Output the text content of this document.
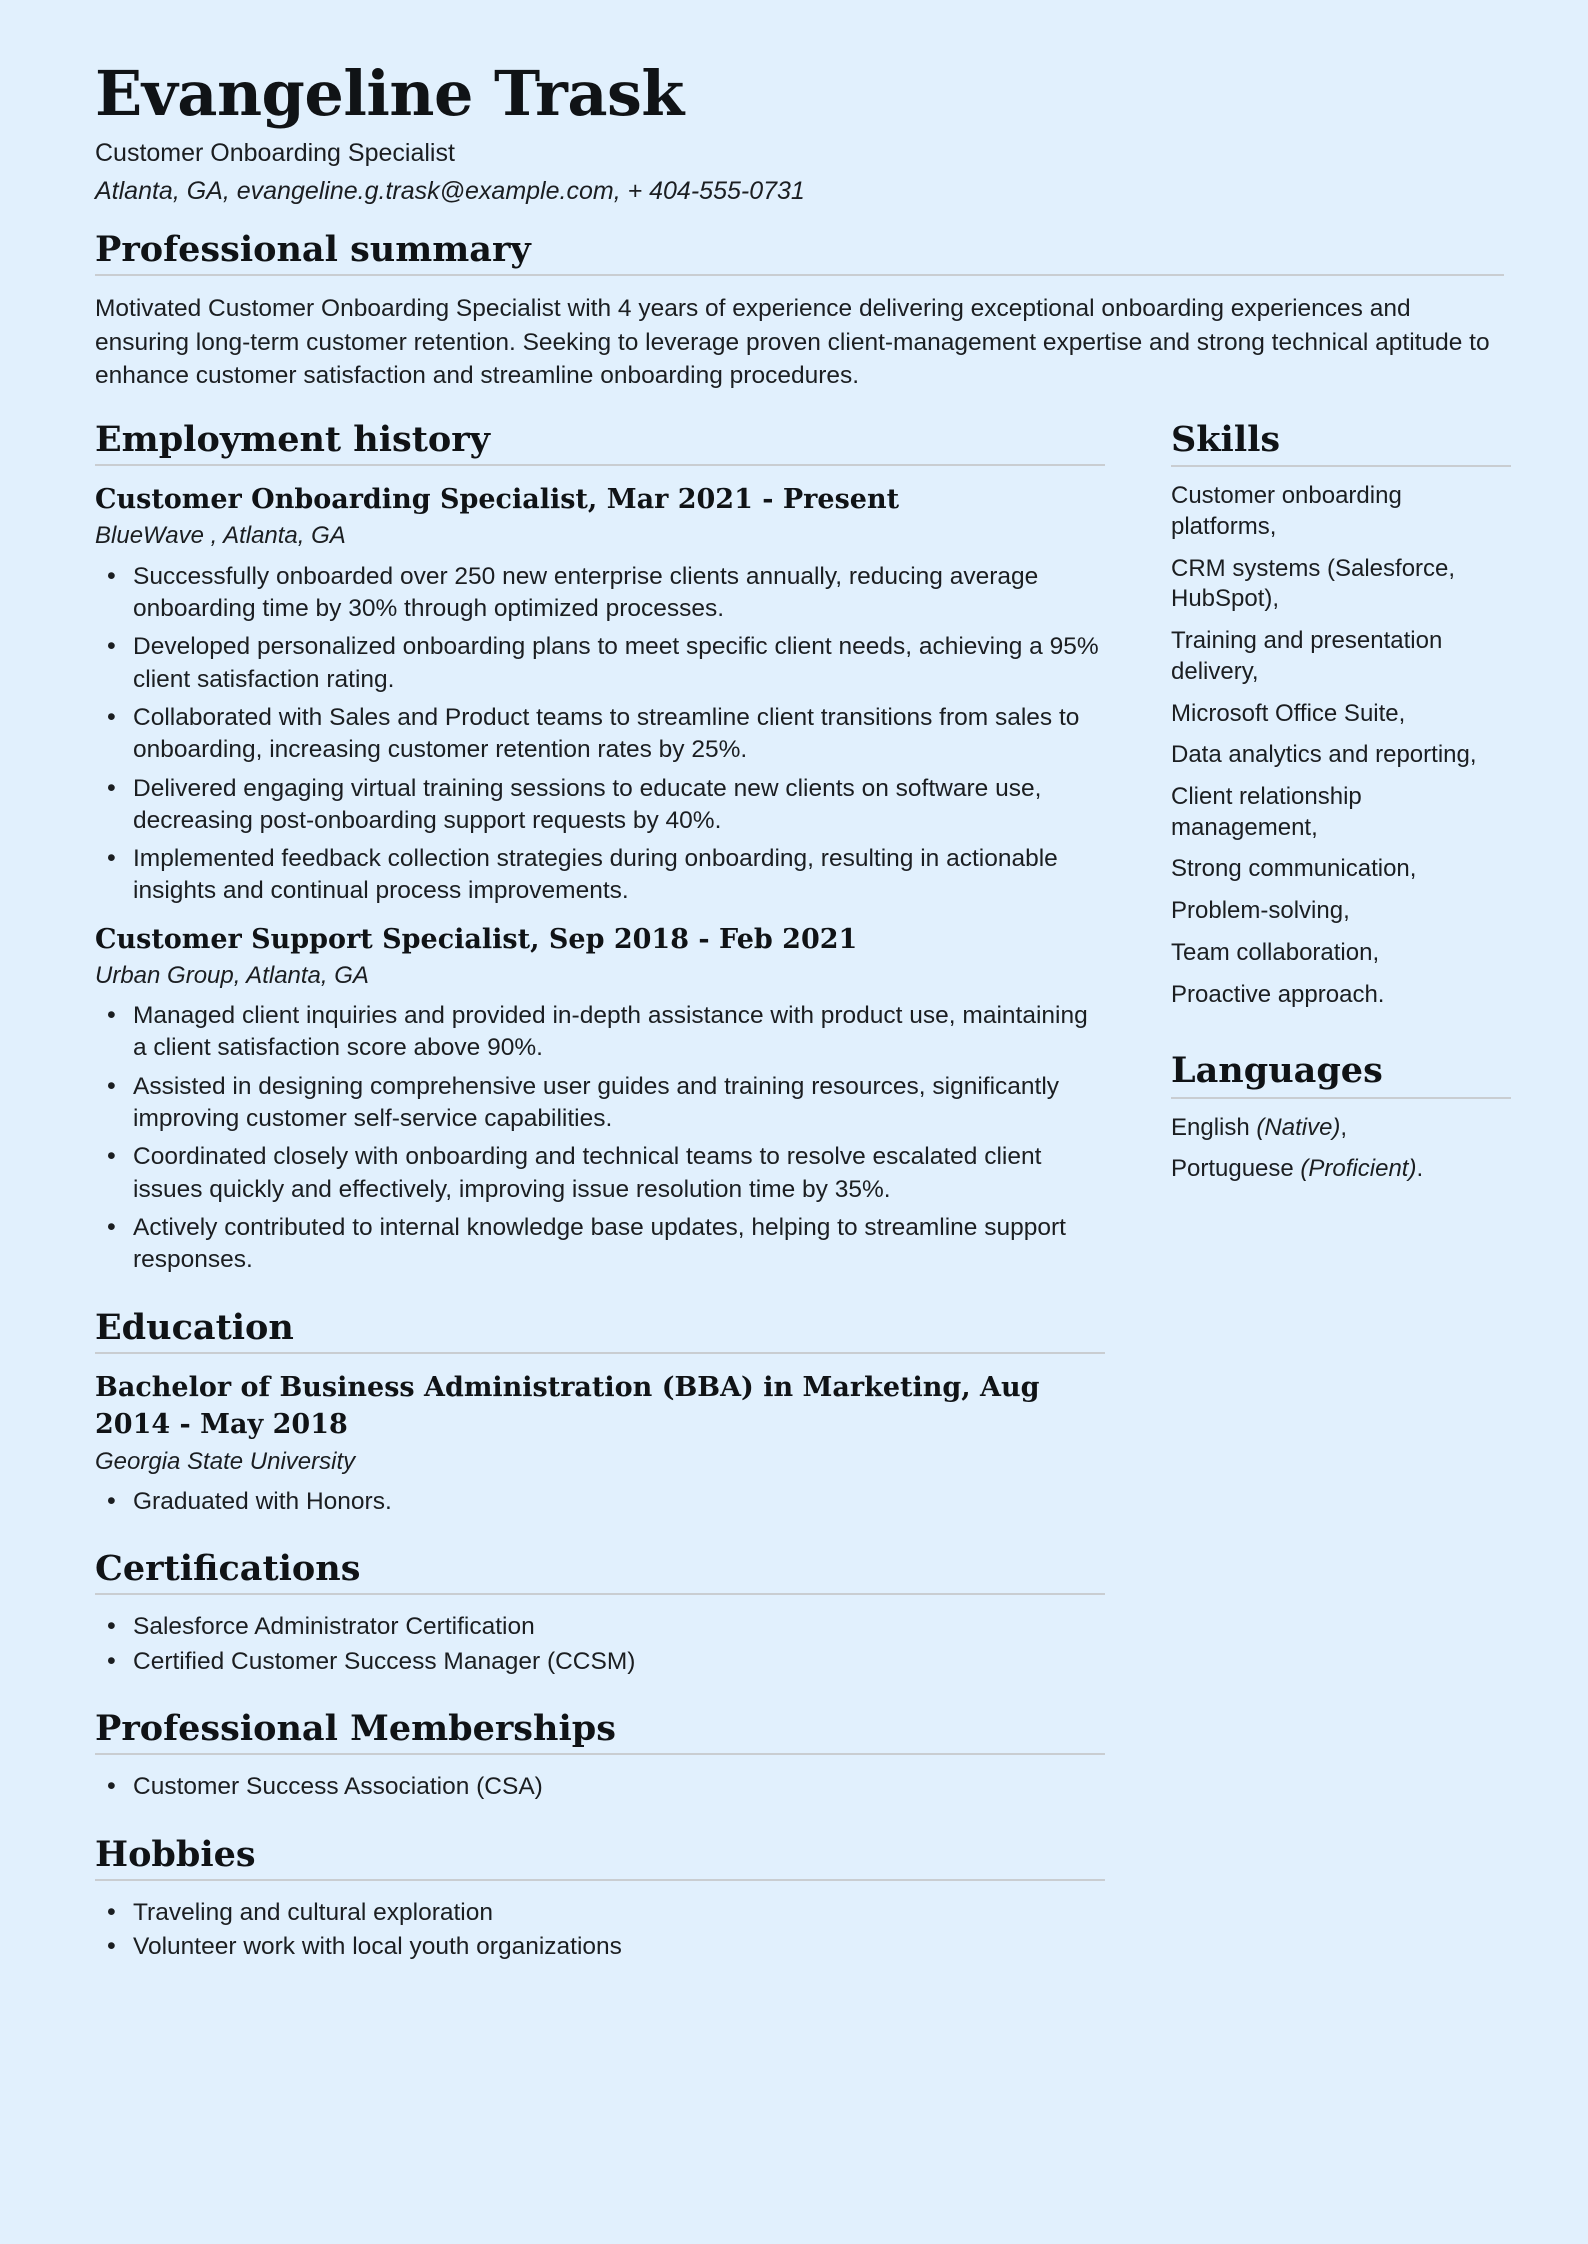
Evangeline Trask

Customer Onboarding Specialist

Atlanta, GA, evangeline.g.trask@example.com, + 404-555-0731

Professional summary

Motivated Customer Onboarding Specialist with 4 years of experience delivering exceptional onboarding experiences and ensuring long-term customer retention. Seeking to leverage proven client-management expertise and strong technical aptitude to enhance customer satisfaction and streamline onboarding procedures.

Employment history
Customer Onboarding Specialist, Mar 2021 - Present

BlueWave , Atlanta, GA

• Successfully onboarded over 250 new enterprise clients annually, reducing average onboarding time by 30% through optimized processes.
• Developed personalized onboarding plans to meet specific client needs, achieving a 95% client satisfaction rating.
• Collaborated with Sales and Product teams to streamline client transitions from sales to onboarding, increasing customer retention rates by 25%.
• Delivered engaging virtual training sessions to educate new clients on software use, decreasing post-onboarding support requests by 40%.
• Implemented feedback collection strategies during onboarding, resulting in actionable insights and continual process improvements.
Customer Support Specialist, Sep 2018 - Feb 2021

Urban Group, Atlanta, GA

• Managed client inquiries and provided in-depth assistance with product use, maintaining a client satisfaction score above 90%.
• Assisted in designing comprehensive user guides and training resources, significantly improving customer self-service capabilities.
• Coordinated closely with onboarding and technical teams to resolve escalated client issues quickly and effectively, improving issue resolution time by 35%.
• Actively contributed to internal knowledge base updates, helping to streamline support responses.
Education
Bachelor of Business Administration (BBA) in Marketing, Aug 2014 - May 2018

Georgia State University

• Graduated with Honors.
Certifications
• Salesforce Administrator Certification
• Certified Customer Success Manager (CCSM)
Professional Memberships
• Customer Success Association (CSA)
Hobbies
• Traveling and cultural exploration
• Volunteer work with local youth organizations
Skills

Customer onboarding platforms,

CRM systems (Salesforce, HubSpot),

Training and presentation delivery,

Microsoft Office Suite,

Data analytics and reporting,

Client relationship management,

Strong communication,

Problem-solving,

Team collaboration,

Proactive approach.

Languages

English (Native),

Portuguese (Proficient).
